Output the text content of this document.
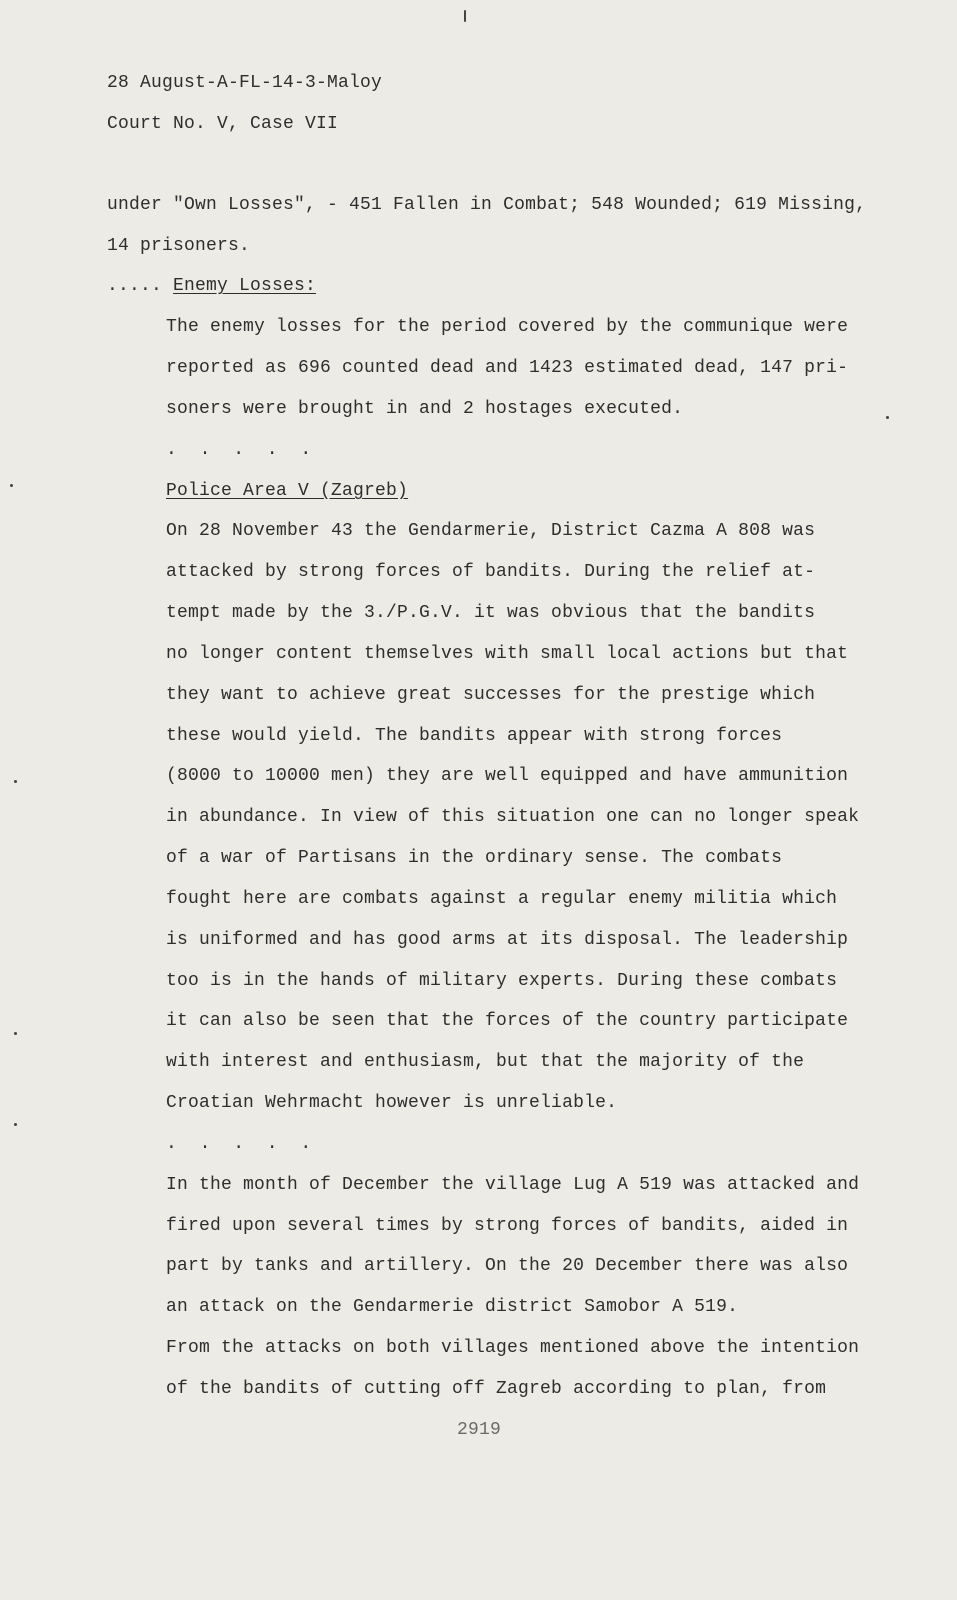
28 August-A-FL-14-3-Maloy
Court No. V, Case VII
under "Own Losses", - 451 Fallen in Combat; 548 Wounded; 619 Missing,
14 prisoners.
..... Enemy Losses:
The enemy losses for the period covered by the communique were
reported as 696 counted dead and 1423 estimated dead, 147 pri-
soners were brought in and 2 hostages executed.
. . . . .
Police Area V (Zagreb)
On 28 November 43 the Gendarmerie, District Cazma A 808 was
attacked by strong forces of bandits. During the relief at-
tempt made by the 3./P.G.V. it was obvious that the bandits
no longer content themselves with small local actions but that
they want to achieve great successes for the prestige which
these would yield. The bandits appear with strong forces
(8000 to 10000 men) they are well equipped and have ammunition
in abundance. In view of this situation one can no longer speak
of a war of Partisans in the ordinary sense. The combats
fought here are combats against a regular enemy militia which
is uniformed and has good arms at its disposal. The leadership
too is in the hands of military experts. During these combats
it can also be seen that the forces of the country participate
with interest and enthusiasm, but that the majority of the
Croatian Wehrmacht however is unreliable.
. . . . .
In the month of December the village Lug A 519 was attacked and
fired upon several times by strong forces of bandits, aided in
part by tanks and artillery. On the 20 December there was also
an attack on the Gendarmerie district Samobor A 519.
From the attacks on both villages mentioned above the intention
of the bandits of cutting off Zagreb according to plan, from
2919
